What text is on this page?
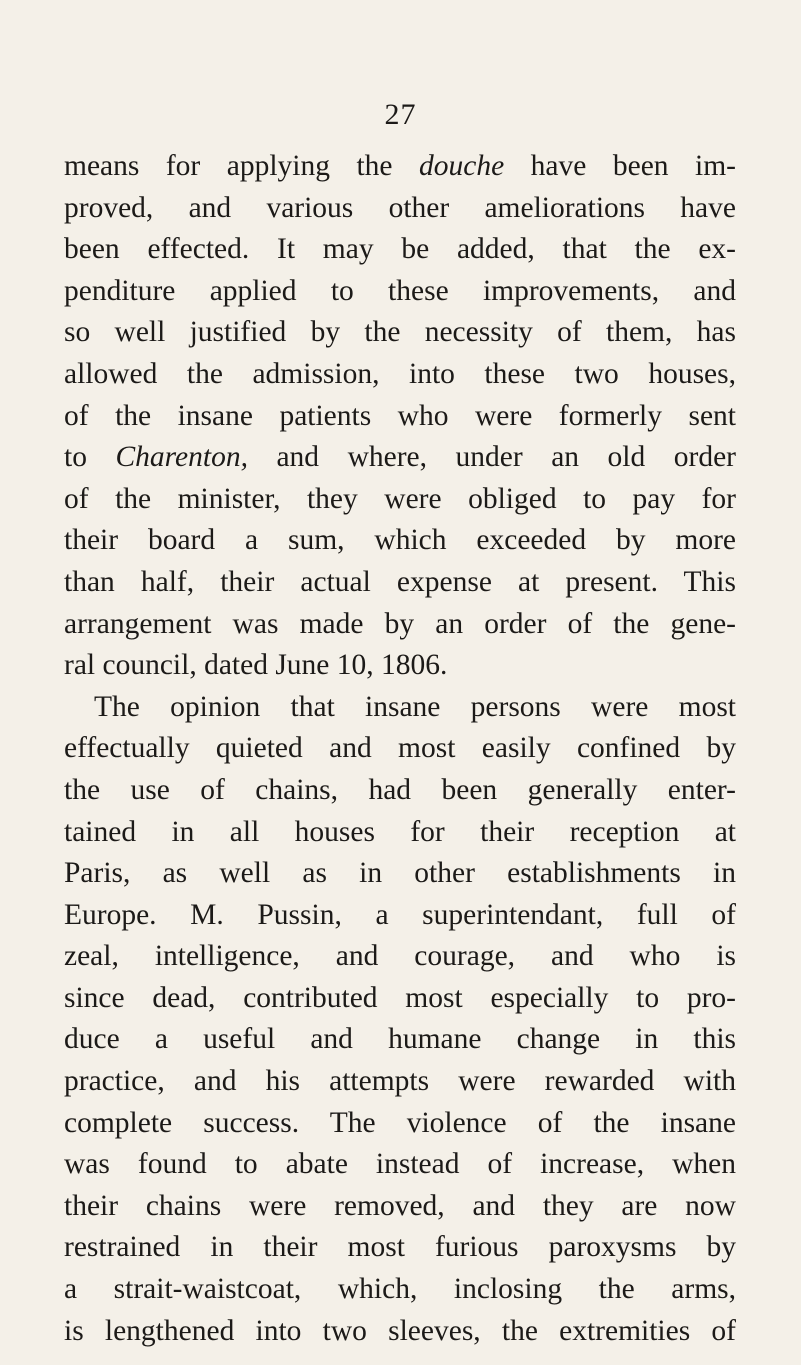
27
means for applying the douche have been im-
proved, and various other ameliorations have
been effected. It may be added, that the ex-
penditure applied to these improvements, and
so well justified by the necessity of them, has
allowed the admission, into these two houses,
of the insane patients who were formerly sent
to Charenton, and where, under an old order
of the minister, they were obliged to pay for
their board a sum, which exceeded by more
than half, their actual expense at present. This
arrangement was made by an order of the gene-
ral council, dated June 10, 1806.
The opinion that insane persons were most
effectually quieted and most easily confined by
the use of chains, had been generally enter-
tained in all houses for their reception at
Paris, as well as in other establishments in
Europe. M. Pussin, a superintendant, full of
zeal, intelligence, and courage, and who is
since dead, contributed most especially to pro-
duce a useful and humane change in this
practice, and his attempts were rewarded with
complete success. The violence of the insane
was found to abate instead of increase, when
their chains were removed, and they are now
restrained in their most furious paroxysms by
a strait-waistcoat, which, inclosing the arms,
is lengthened into two sleeves, the extremities of
